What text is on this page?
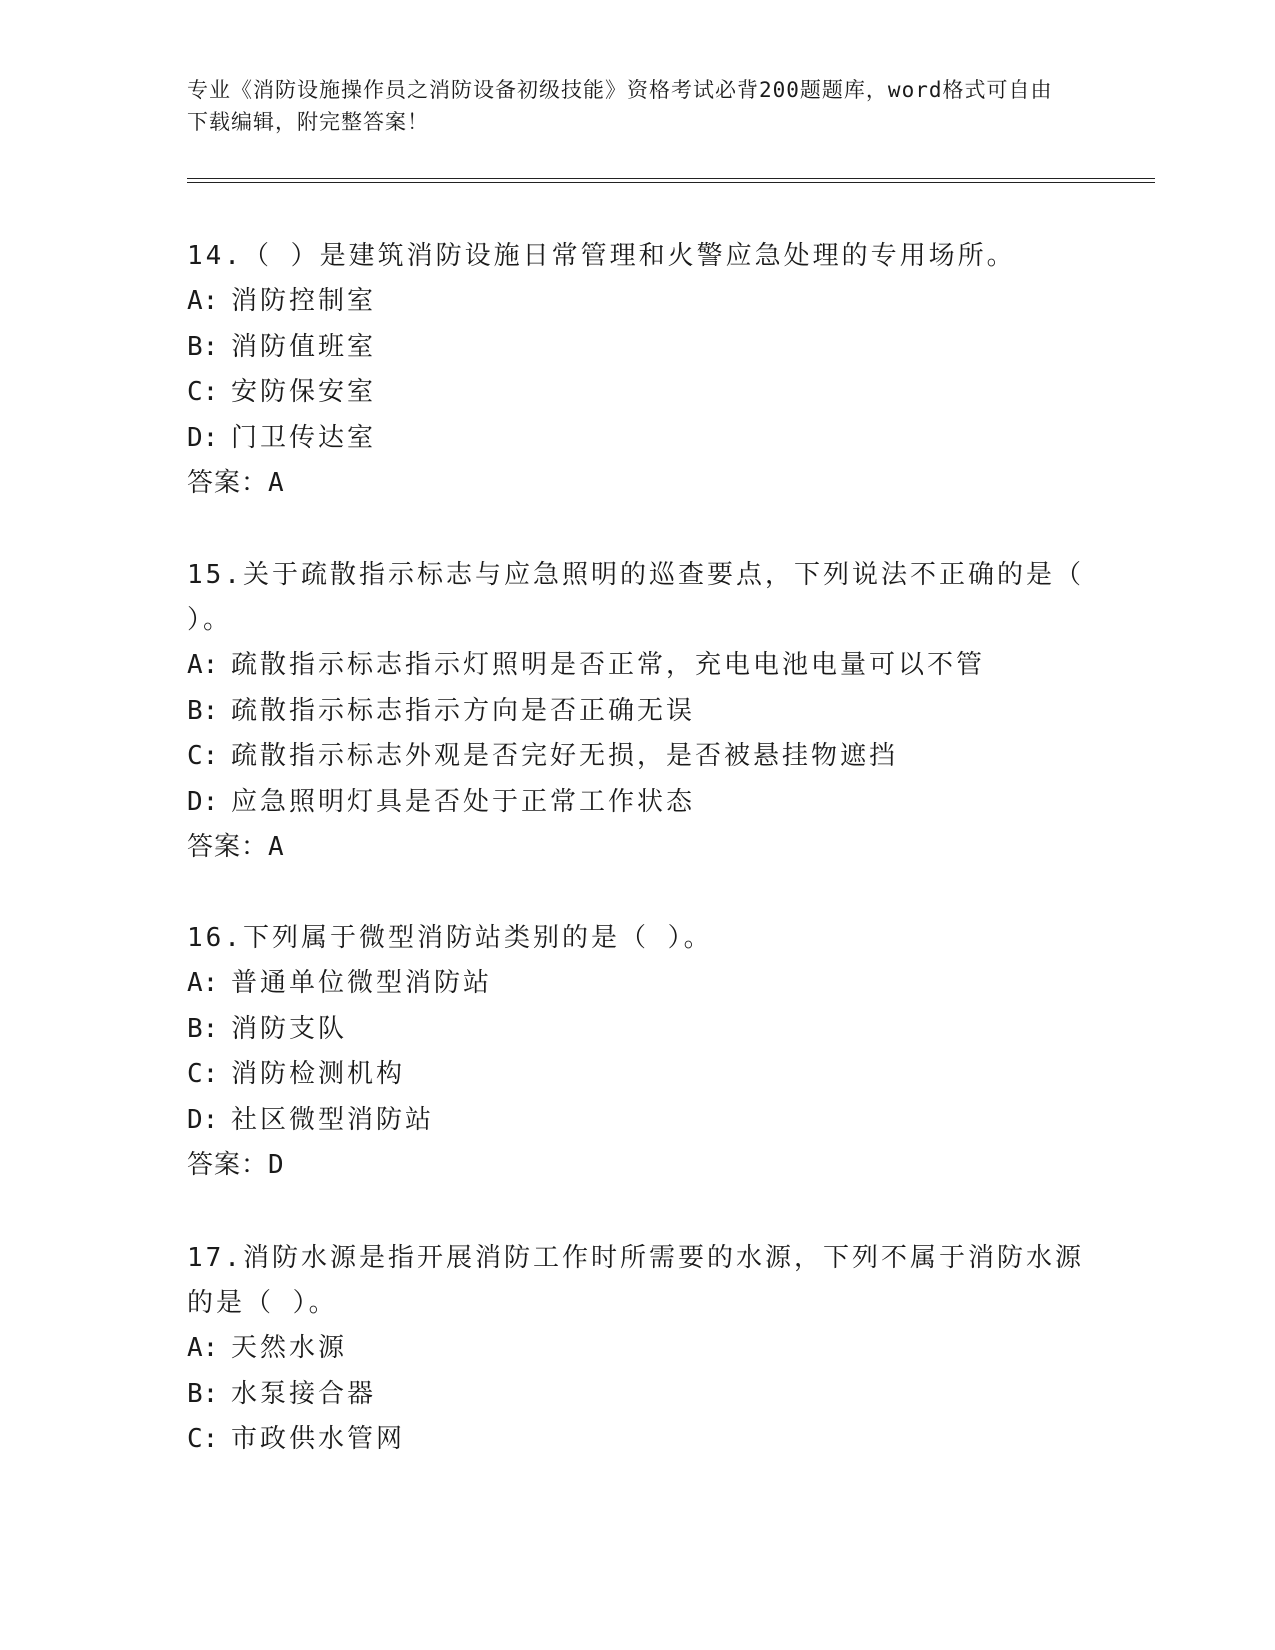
专业《消防设施操作员之消防设备初级技能》资格考试必背200题题库，word格式可自由下载编辑，附完整答案！

14.（ ）是建筑消防设施日常管理和火警应急处理的专用场所。

A: 消防控制室

B: 消防值班室

C: 安防保安室

D: 门卫传达室

答案：A

15.关于疏散指示标志与应急照明的巡查要点，下列说法不正确的是（ ）。

A: 疏散指示标志指示灯照明是否正常，充电电池电量可以不管

B: 疏散指示标志指示方向是否正确无误

C: 疏散指示标志外观是否完好无损，是否被悬挂物遮挡

D: 应急照明灯具是否处于正常工作状态

答案：A

16.下列属于微型消防站类别的是（ ）。

A: 普通单位微型消防站

B: 消防支队

C: 消防检测机构

D: 社区微型消防站

答案：D

17.消防水源是指开展消防工作时所需要的水源，下列不属于消防水源的是（ ）。

A: 天然水源

B: 水泵接合器

C: 市政供水管网
